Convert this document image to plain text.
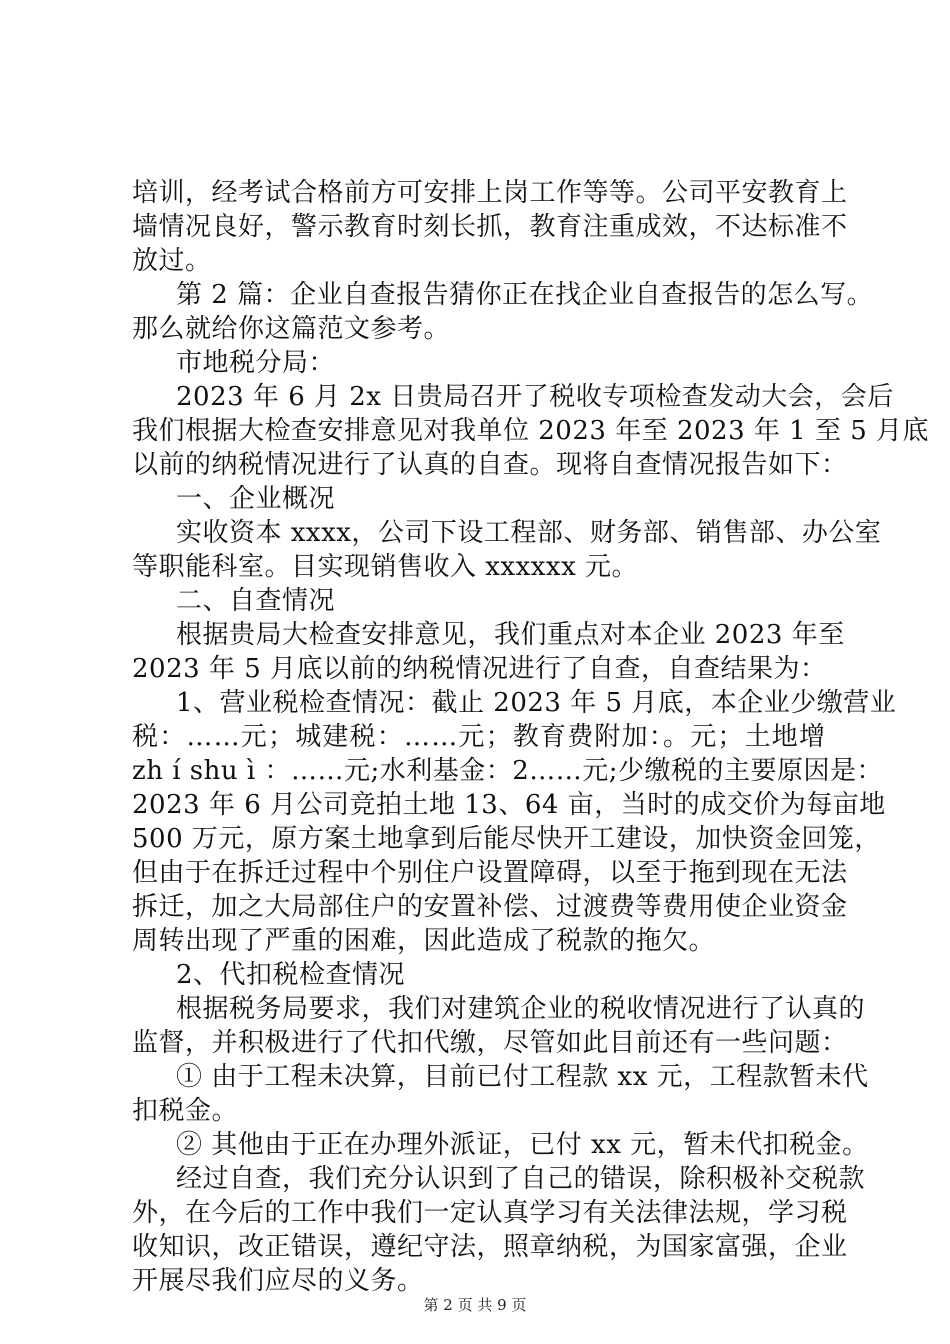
培训，经考试合格前方可安排上岗工作等等。公司平安教育上
墙情况良好，警示教育时刻长抓，教育注重成效，不达标准不
放过。
第 2 篇：企业自查报告猜你正在找企业自查报告的怎么写。
那么就给你这篇范文参考。
市地税分局：
2023 年 6 月 2x 日贵局召开了税收专项检查发动大会，会后
我们根据大检查安排意见对我单位 2023 年至 2023 年 1 至 5 月底
以前的纳税情况进行了认真的自查。现将自查情况报告如下：
一、企业概况
实收资本 xxxx，公司下设工程部、财务部、销售部、办公室
等职能科室。目实现销售收入 xxxxxx 元。
二、自查情况
根据贵局大检查安排意见，我们重点对本企业 2023 年至
2023 年 5 月底以前的纳税情况进行了自查，自查结果为：
1、营业税检查情况：截止 2023 年 5 月底，本企业少缴营业
税：……元；城建税：……元；教育费附加：。元；土地增
zh í shu ì ：……元;水利基金：2……元;少缴税的主要原因是：
2023 年 6 月公司竞拍土地 13、64 亩，当时的成交价为每亩地
500 万元，原方案土地拿到后能尽快开工建设，加快资金回笼，
但由于在拆迁过程中个别住户设置障碍，以至于拖到现在无法
拆迁，加之大局部住户的安置补偿、过渡费等费用使企业资金
周转出现了严重的困难，因此造成了税款的拖欠。
2、代扣税检查情况
根据税务局要求，我们对建筑企业的税收情况进行了认真的
监督，并积极进行了代扣代缴，尽管如此目前还有一些问题：
① 由于工程未决算，目前已付工程款 xx 元，工程款暂未代
扣税金。
② 其他由于正在办理外派证，已付 xx 元，暂未代扣税金。
经过自查，我们充分认识到了自己的错误，除积极补交税款
外，在今后的工作中我们一定认真学习有关法律法规，学习税
收知识，改正错误，遵纪守法，照章纳税，为国家富强，企业
开展尽我们应尽的义务。
第 2 页 共 9 页
